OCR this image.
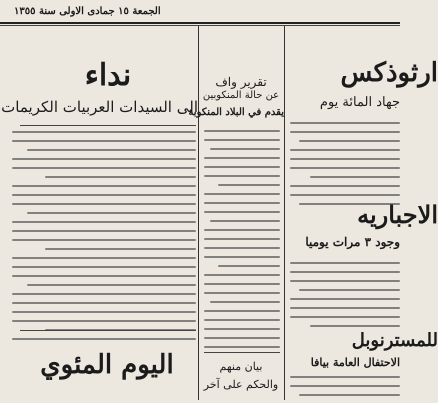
الجمعة ١٥ جمادى الاولى سنة ١٣٥٥
نداء
الى السيدات العربيات الكريمات
اليوم المئوي
تقرير واف
عن حالة المنكوبين
يقدم في البلاد المنكوبة
بيان منهم
والحكم على آخر
ارثوذكس
جهاد المائة يوم
الاجباريه
وجود ٣ مرات يوميا
للمسترنوبل
الاحتفال العامة بيافا
